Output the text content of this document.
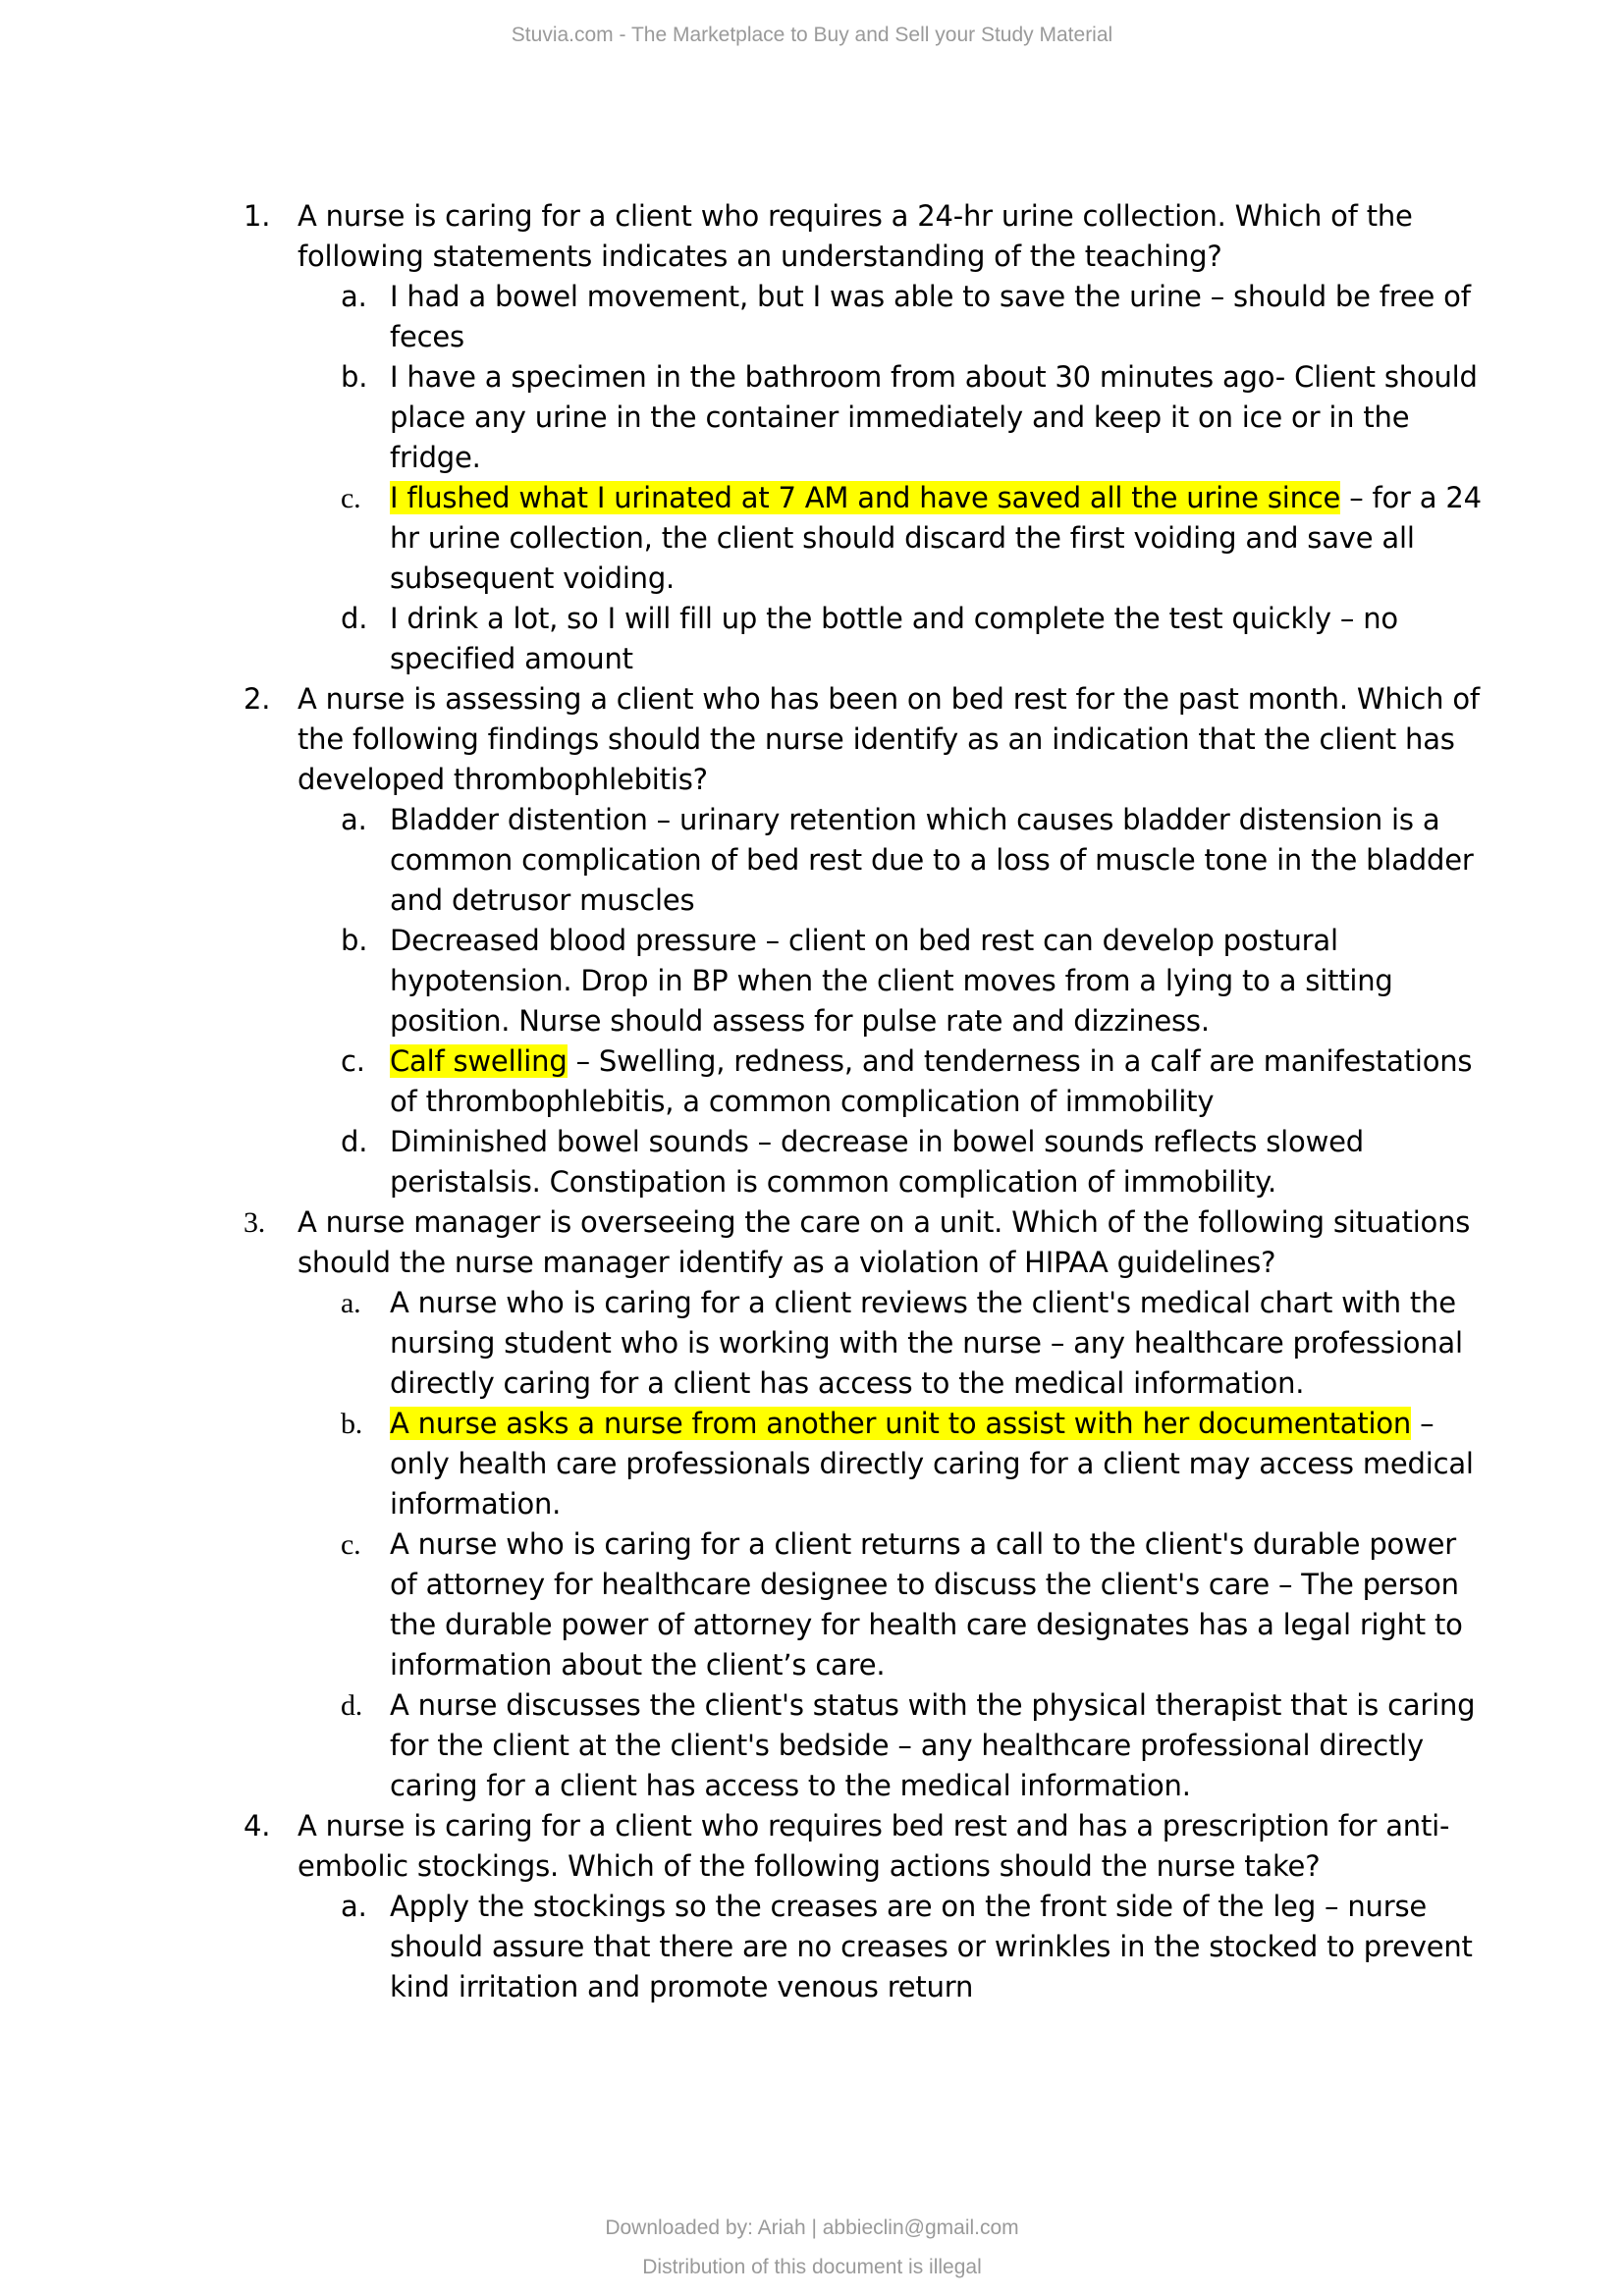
Stuvia.com - The Marketplace to Buy and Sell your Study Material
1. A nurse is caring for a client who requires a 24-hr urine collection. Which of the following statements indicates an understanding of the teaching?
a. I had a bowel movement, but I was able to save the urine – should be free of feces
b. I have a specimen in the bathroom from about 30 minutes ago- Client should place any urine in the container immediately and keep it on ice or in the fridge.
c. I flushed what I urinated at 7 AM and have saved all the urine since – for a 24 hr urine collection, the client should discard the first voiding and save all subsequent voiding.
d. I drink a lot, so I will fill up the bottle and complete the test quickly – no specified amount
2. A nurse is assessing a client who has been on bed rest for the past month. Which of the following findings should the nurse identify as an indication that the client has developed thrombophlebitis?
a. Bladder distention – urinary retention which causes bladder distension is a common complication of bed rest due to a loss of muscle tone in the bladder and detrusor muscles
b. Decreased blood pressure – client on bed rest can develop postural hypotension. Drop in BP when the client moves from a lying to a sitting position. Nurse should assess for pulse rate and dizziness.
c. Calf swelling – Swelling, redness, and tenderness in a calf are manifestations of thrombophlebitis, a common complication of immobility
d. Diminished bowel sounds – decrease in bowel sounds reflects slowed peristalsis. Constipation is common complication of immobility.
3. A nurse manager is overseeing the care on a unit. Which of the following situations should the nurse manager identify as a violation of HIPAA guidelines?
a. A nurse who is caring for a client reviews the client's medical chart with the nursing student who is working with the nurse – any healthcare professional directly caring for a client has access to the medical information.
b. A nurse asks a nurse from another unit to assist with her documentation – only health care professionals directly caring for a client may access medical information.
c. A nurse who is caring for a client returns a call to the client's durable power of attorney for healthcare designee to discuss the client's care – The person the durable power of attorney for health care designates has a legal right to information about the client’s care.
d. A nurse discusses the client's status with the physical therapist that is caring for the client at the client's bedside – any healthcare professional directly caring for a client has access to the medical information.
4. A nurse is caring for a client who requires bed rest and has a prescription for anti-embolic stockings. Which of the following actions should the nurse take?
a. Apply the stockings so the creases are on the front side of the leg – nurse should assure that there are no creases or wrinkles in the stocked to prevent kind irritation and promote venous return
Downloaded by: Ariah | abbieclin@gmail.com
Distribution of this document is illegal
